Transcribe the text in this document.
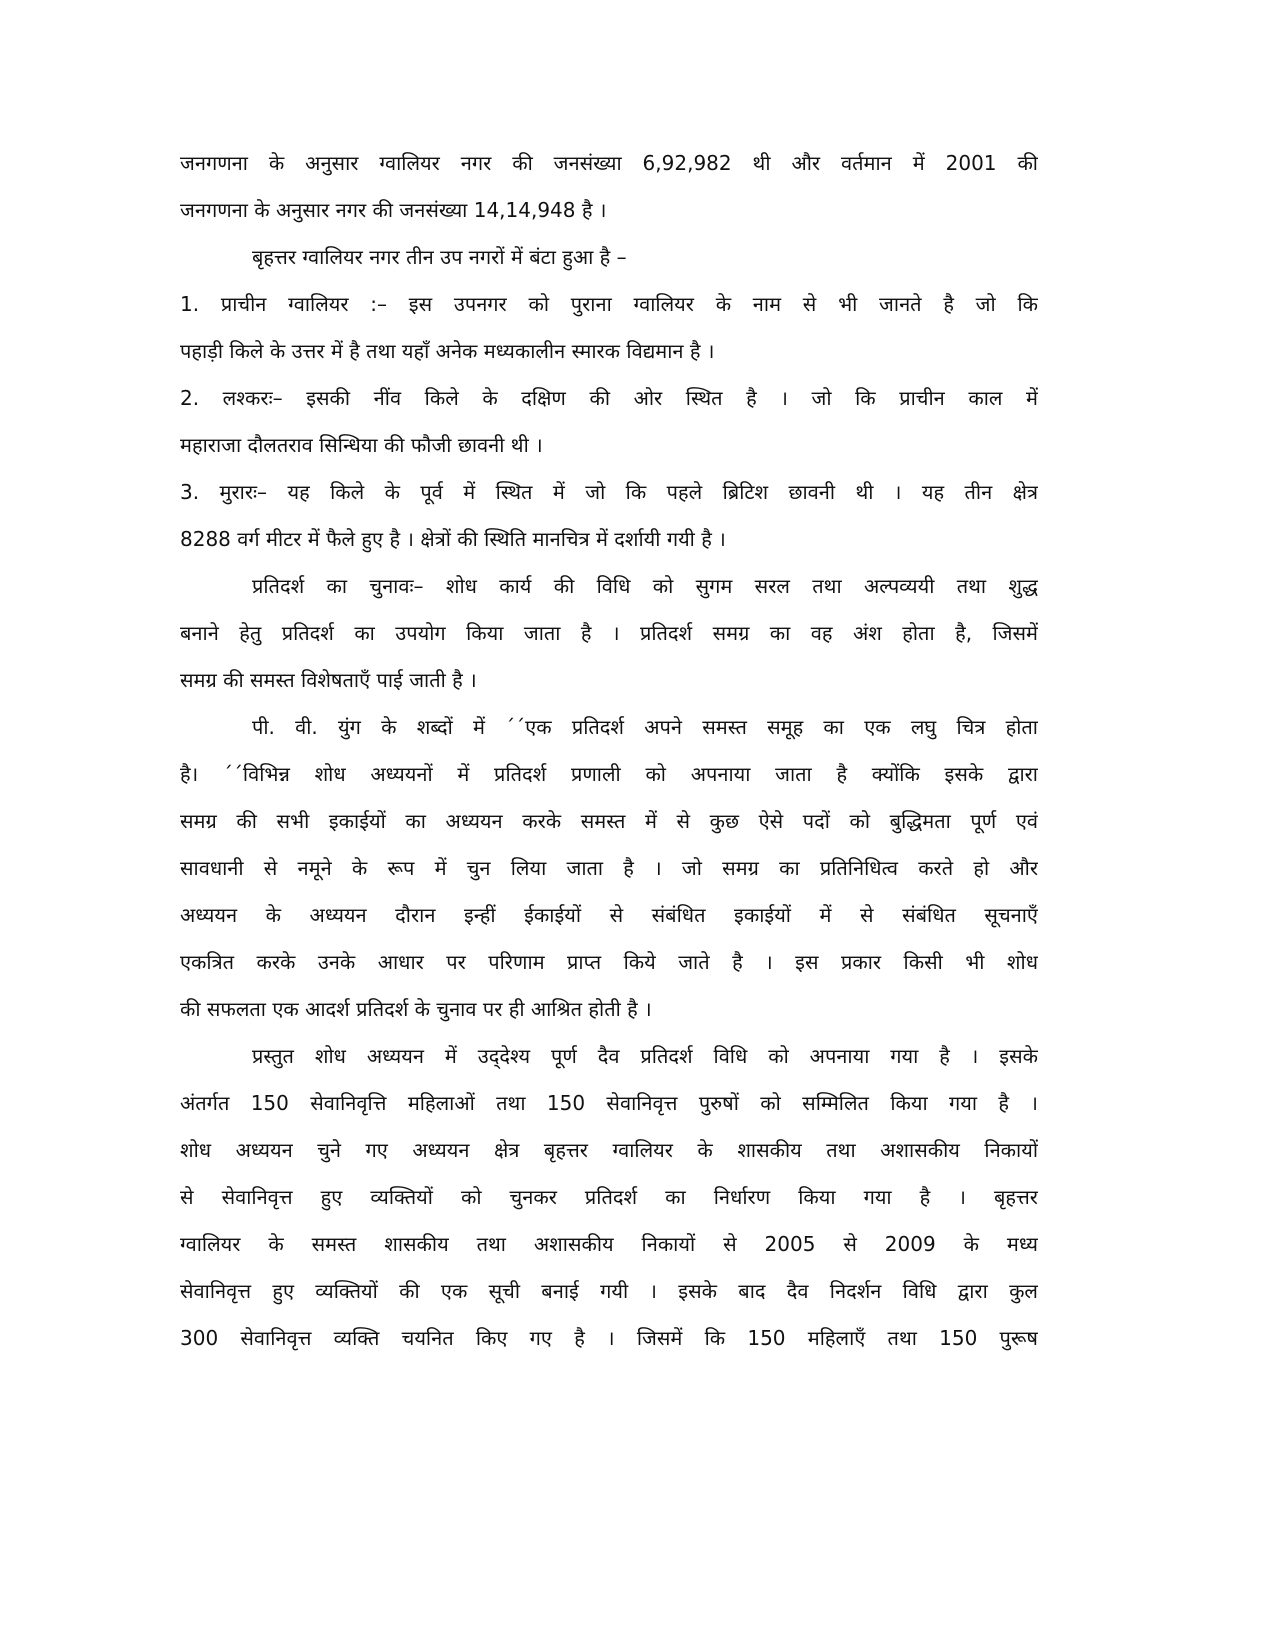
जनगणना के अनुसार ग्वालियर नगर की जनसंख्या 6,92,982 थी और वर्तमान में 2001 की
जनगणना के अनुसार नगर की जनसंख्या 14,14,948 है ।
बृहत्तर ग्वालियर नगर तीन उप नगरों में बंटा हुआ है –
1. प्राचीन ग्वालियर :– इस उपनगर को पुराना ग्वालियर के नाम से भी जानते है जो कि
पहाड़ी किले के उत्तर में है तथा यहाँ अनेक मध्यकालीन स्मारक विद्यमान है ।
2. लश्करः– इसकी नींव किले के दक्षिण की ओर स्थित है । जो कि प्राचीन काल में
महाराजा दौलतराव सिन्धिया की फौजी छावनी थी ।
3. मुरारः– यह किले के पूर्व में स्थित में जो कि पहले ब्रिटिश छावनी थी । यह तीन क्षेत्र
8288 वर्ग मीटर में फैले हुए है । क्षेत्रों की स्थिति मानचित्र में दर्शायी गयी है ।
प्रतिदर्श का चुनावः– शोध कार्य की विधि को सुगम सरल तथा अल्पव्ययी तथा शुद्ध
बनाने हेतु प्रतिदर्श का उपयोग किया जाता है । प्रतिदर्श समग्र का वह अंश होता है, जिसमें
समग्र की समस्त विशेषताएँ पाई जाती है ।
पी. वी. युंग के शब्दों में ´´एक प्रतिदर्श अपने समस्त समूह का एक लघु चित्र होता
है। ´´विभिन्न शोध अध्ययनों में प्रतिदर्श प्रणाली को अपनाया जाता है क्योंकि इसके द्वारा
समग्र की सभी इकाईयों का अध्ययन करके समस्त में से कुछ ऐसे पदों को बुद्धिमता पूर्ण एवं
सावधानी से नमूने के रूप में चुन लिया जाता है । जो समग्र का प्रतिनिधित्व करते हो और
अध्ययन के अध्ययन दौरान इन्हीं ईकाईयों से संबंधित इकाईयों में से संबंधित सूचनाएँ
एकत्रित करके उनके आधार पर परिणाम प्राप्त किये जाते है । इस प्रकार किसी भी शोध
की सफलता एक आदर्श प्रतिदर्श के चुनाव पर ही आश्रित होती है ।
प्रस्तुत शोध अध्ययन में उद्‌देश्य पूर्ण दैव प्रतिदर्श विधि को अपनाया गया है । इसके
अंतर्गत 150 सेवानिवृत्ति महिलाओं तथा 150 सेवानिवृत्त पुरुषों को सम्मिलित किया गया है ।
शोध अध्ययन चुने गए अध्ययन क्षेत्र बृहत्तर ग्वालियर के शासकीय तथा अशासकीय निकायों
से सेवानिवृत्त हुए व्यक्तियों को चुनकर प्रतिदर्श का निर्धारण किया गया है । बृहत्तर
ग्वालियर के समस्त शासकीय तथा अशासकीय निकायों से 2005 से 2009 के मध्य
सेवानिवृत्त हुए व्यक्तियों की एक सूची बनाई गयी । इसके बाद दैव निदर्शन विधि द्वारा कुल
300 सेवानिवृत्त व्यक्ति चयनित किए गए है । जिसमें कि 150 महिलाएँ तथा 150 पुरूष
